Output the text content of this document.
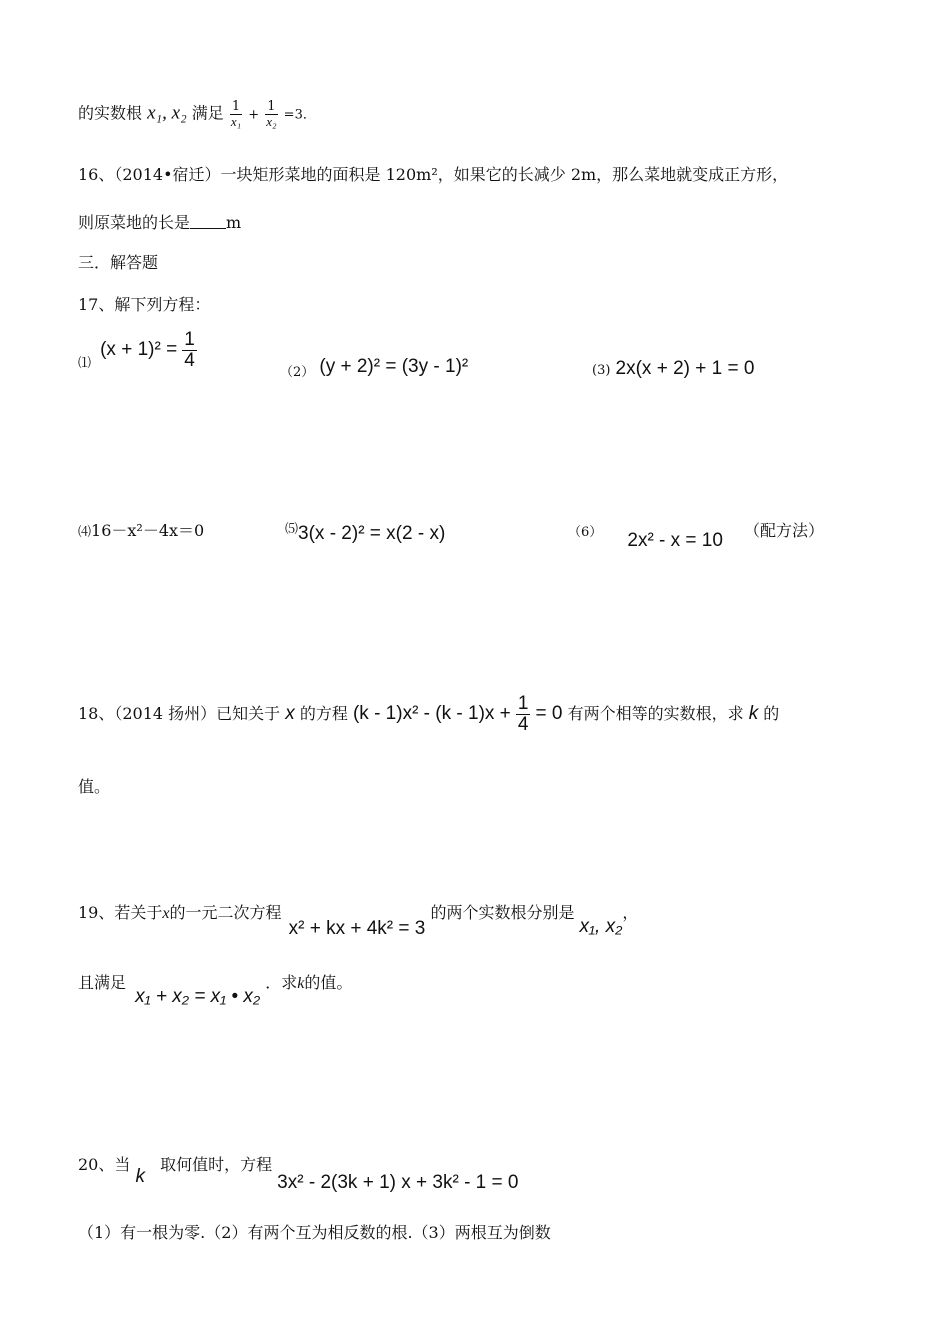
的实数根 x₁, x₂ 满足 $\frac{1}{\text{x₁}} + \frac{1}{\text{x₂}} =3$．
16、（2014•宿迁）一块矩形菜地的面积是 120m²，如果它的长减少 2m，那么菜地就变成正方形，
则原菜地的长是 m
三．解答题
17、解下列方程：
$_⑴$ $(x + 1)^2 = \frac{1}{4}$
（2） (y + 2)² = (3y - 1)²	(3) 2x(x + 2) + 1 = 0
⑷16－x²－4x＝0	⑸3(x - 2)² = x(2 - x)	（6） 2x² - x = 10 （配方法）
18、（2014 扬州）已知关于 x 的方程 $(k - 1)x^2 - (k - 1)x + \frac{1}{4} = 0$ 有两个相等的实数根，求 k 的
值。
19、若关于x的一元二次方程 x² + kx + 4k² = 3 的两个实数根分别是 x₁, x₂，
且满足 x₁ + x₂ = x₁ • x₂ ．求k的值。
20、当 k 取何值时，方程 3x² - 2(3k + 1) x + 3k² - 1 = 0
（1）有一根为零.（2）有两个互为相反数的根.（3）两根互为倒数
